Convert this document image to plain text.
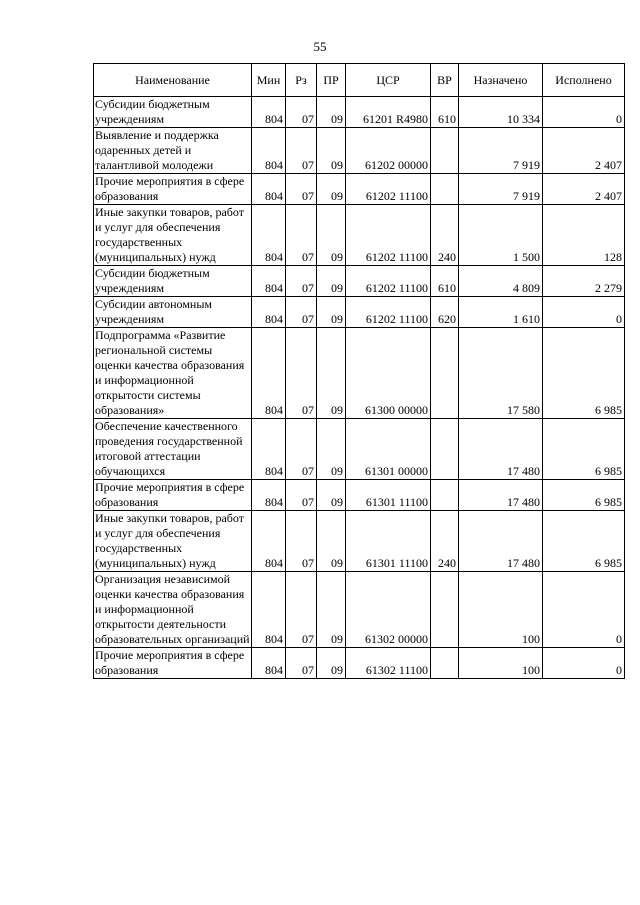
55
Наименование	Мин	Рз	ПР	ЦСР	ВР	Назначено	Исполнено
Субсидии бюджетным учреждениям	804	07	09	61201 R4980	610	10 334	0
Выявление и поддержка одаренных детей и талантливой молодежи	804	07	09	61202 00000		7 919	2 407
Прочие мероприятия в сфере образования	804	07	09	61202 11100		7 919	2 407
Иные закупки товаров, работ и услуг для обеспечения государственных (муниципальных) нужд	804	07	09	61202 11100	240	1 500	128
Субсидии бюджетным учреждениям	804	07	09	61202 11100	610	4 809	2 279
Субсидии автономным учреждениям	804	07	09	61202 11100	620	1 610	0
Подпрограмма «Развитие региональной системы оценки качества образования и информационной открытости системы образования»	804	07	09	61300 00000		17 580	6 985
Обеспечение качественного проведения государственной итоговой аттестации обучающихся	804	07	09	61301 00000		17 480	6 985
Прочие мероприятия в сфере образования	804	07	09	61301 11100		17 480	6 985
Иные закупки товаров, работ и услуг для обеспечения государственных (муниципальных) нужд	804	07	09	61301 11100	240	17 480	6 985
Организация независимой оценки качества образования и информационной открытости деятельности образовательных организаций	804	07	09	61302 00000		100	0
Прочие мероприятия в сфере образования	804	07	09	61302 11100		100	0
